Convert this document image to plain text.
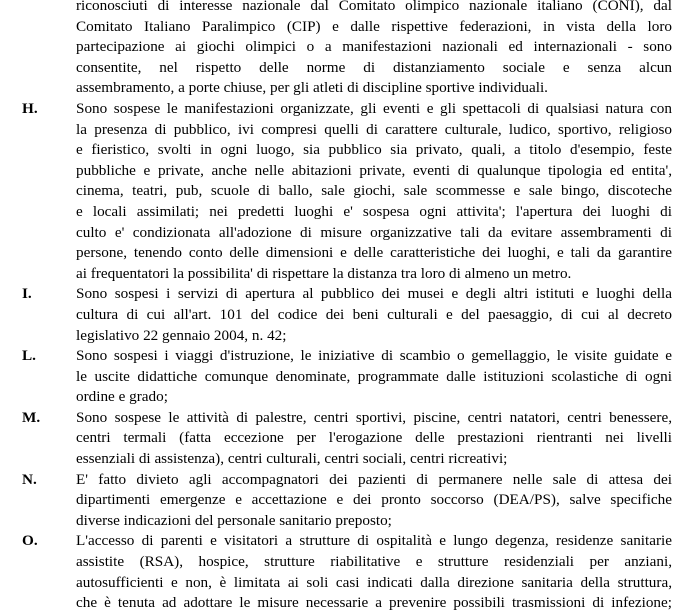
riconosciuti di interesse nazionale dal Comitato olimpico nazionale italiano (CONI), dal
Comitato Italiano Paralimpico (CIP) e dalle rispettive federazioni, in vista della loro
partecipazione ai giochi olimpici o a manifestazioni nazionali ed internazionali - sono
consentite, nel rispetto delle norme di distanziamento sociale e senza alcun
assembramento, a porte chiuse, per gli atleti di discipline sportive individuali.
H.	Sono sospese le manifestazioni organizzate, gli eventi e gli spettacoli di qualsiasi natura con
la presenza di pubblico, ivi compresi quelli di carattere culturale, ludico, sportivo, religioso
e fieristico, svolti in ogni luogo, sia pubblico sia privato, quali, a titolo d'esempio, feste
pubbliche e private, anche nelle abitazioni private, eventi di qualunque tipologia ed entita',
cinema, teatri, pub, scuole di ballo, sale giochi, sale scommesse e sale bingo, discoteche
e locali assimilati; nei predetti luoghi e' sospesa ogni attivita'; l'apertura dei luoghi di
culto e' condizionata all'adozione di misure organizzative tali da evitare assembramenti di
persone, tenendo conto delle dimensioni e delle caratteristiche dei luoghi, e tali da garantire
ai frequentatori la possibilita' di rispettare la distanza tra loro di almeno un metro.
I.	Sono sospesi i servizi di apertura al pubblico dei musei e degli altri istituti e luoghi della
cultura di cui all'art. 101 del codice dei beni culturali e del paesaggio, di cui al decreto
legislativo 22 gennaio 2004, n. 42;
L.	Sono sospesi i viaggi d'istruzione, le iniziative di scambio o gemellaggio, le visite guidate e
le uscite didattiche comunque denominate, programmate dalle istituzioni scolastiche di ogni
ordine e grado;
M. Sono sospese le attività di palestre, centri sportivi, piscine, centri natatori, centri benessere,
centri termali (fatta eccezione per l'erogazione delle prestazioni rientranti nei livelli
essenziali di assistenza), centri culturali, centri sociali, centri ricreativi;
N.	E' fatto divieto agli accompagnatori dei pazienti di permanere nelle sale di attesa dei
dipartimenti emergenze e accettazione e dei pronto soccorso (DEA/PS), salve specifiche
diverse indicazioni del personale sanitario preposto;
O.	L'accesso di parenti e visitatori a strutture di ospitalità e lungo degenza, residenze sanitarie
assistite (RSA), hospice, strutture riabilitative e strutture residenziali per anziani,
autosufficienti e non, è limitata ai soli casi indicati dalla direzione sanitaria della struttura,
che è tenuta ad adottare le misure necessarie a prevenire possibili trasmissioni di infezione;
